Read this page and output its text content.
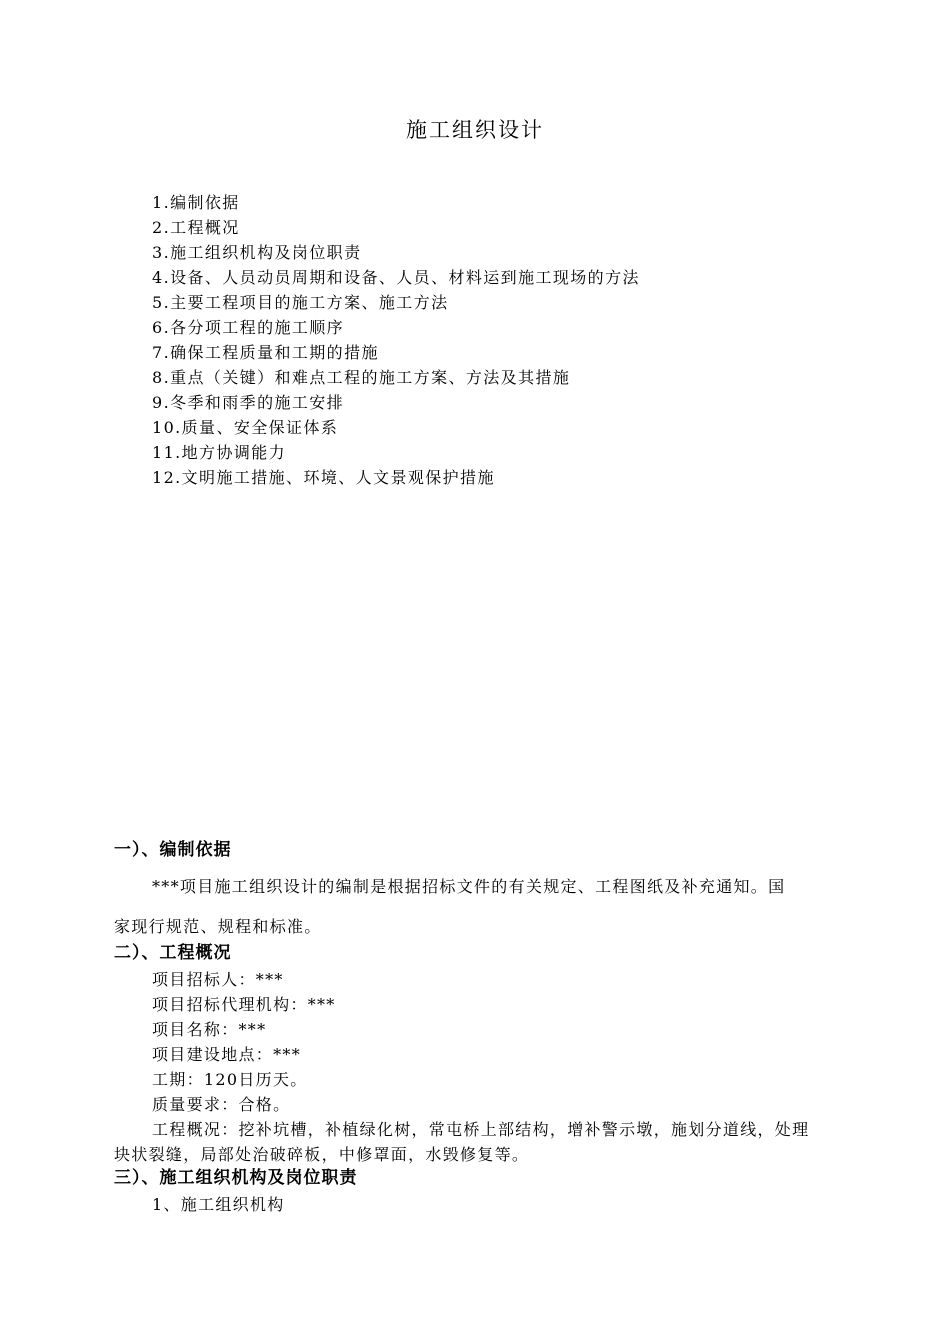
施工组织设计
1.编制依据
2.工程概况
3.施工组织机构及岗位职责
4.设备、人员动员周期和设备、人员、材料运到施工现场的方法
5.主要工程项目的施工方案、施工方法
6.各分项工程的施工顺序
7.确保工程质量和工期的措施
8.重点（关键）和难点工程的施工方案、方法及其措施
9.冬季和雨季的施工安排
10.质量、安全保证体系
11.地方协调能力
12.文明施工措施、环境、人文景观保护措施
一）、编制依据
***项目施工组织设计的编制是根据招标文件的有关规定、工程图纸及补充通知。国
家现行规范、规程和标准。
二）、工程概况
项目招标人：***
项目招标代理机构：***
项目名称：***
项目建设地点：***
工期：120日历天。
质量要求：合格。
工程概况：挖补坑槽，补植绿化树，常屯桥上部结构，增补警示墩，施划分道线，处理
块状裂缝，局部处治破碎板，中修罩面，水毁修复等。
三）、施工组织机构及岗位职责
1、施工组织机构
